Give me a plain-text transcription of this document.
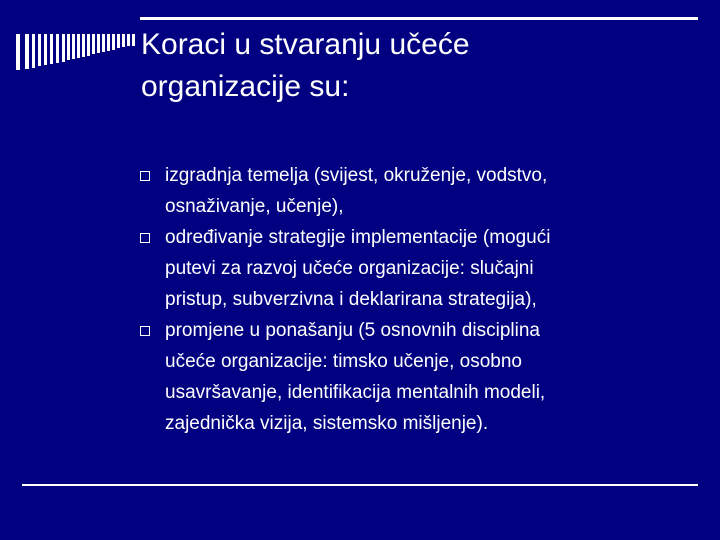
Koraci u stvaranju učeće
organizacije su:
izgradnja temelja (svijest, okruženje, vodstvo,
osnaživanje, učenje),
određivanje strategije implementacije (mogući
putevi za razvoj učeće organizacije: slučajni
pristup, subverzivna i deklarirana strategija),
promjene u ponašanju (5 osnovnih disciplina
učeće organizacije: timsko učenje, osobno
usavršavanje, identifikacija mentalnih modeli,
zajednička vizija, sistemsko mišljenje).
